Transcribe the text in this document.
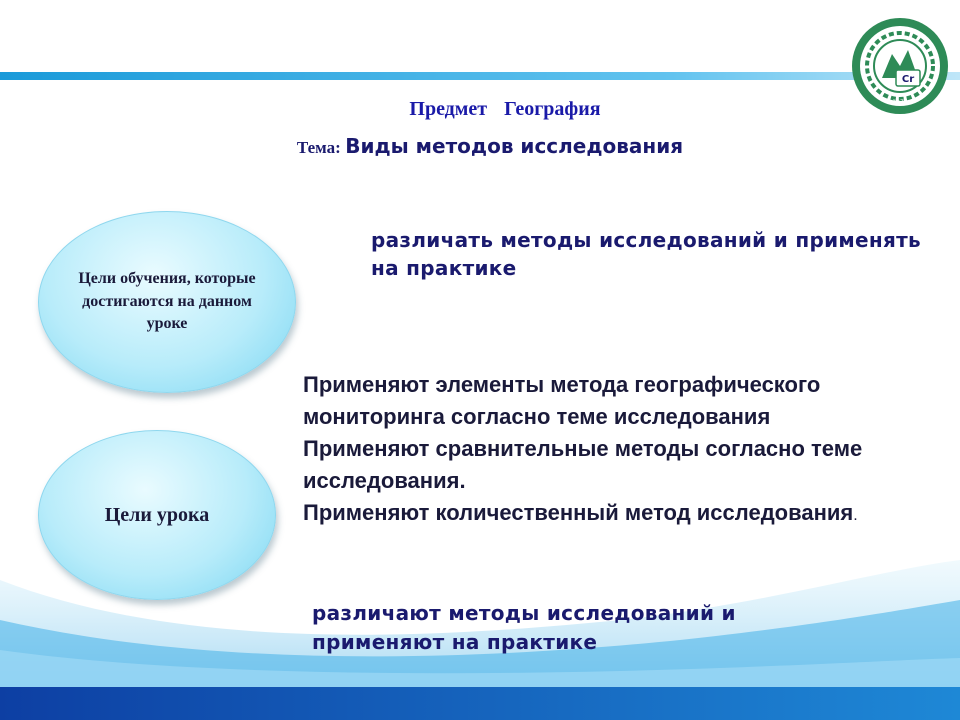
Cr
1979
Предмет География
Тема: Виды методов исследования
Цели обучения, которые достигаются на данном уроке
Цели урока
различать методы исследований и применять на практике
Применяют элементы метода географического мониторинга согласно теме исследования
Применяют сравнительные методы согласно теме исследования.
Применяют количественный метод исследования.
различают методы исследований и применяют на практике
